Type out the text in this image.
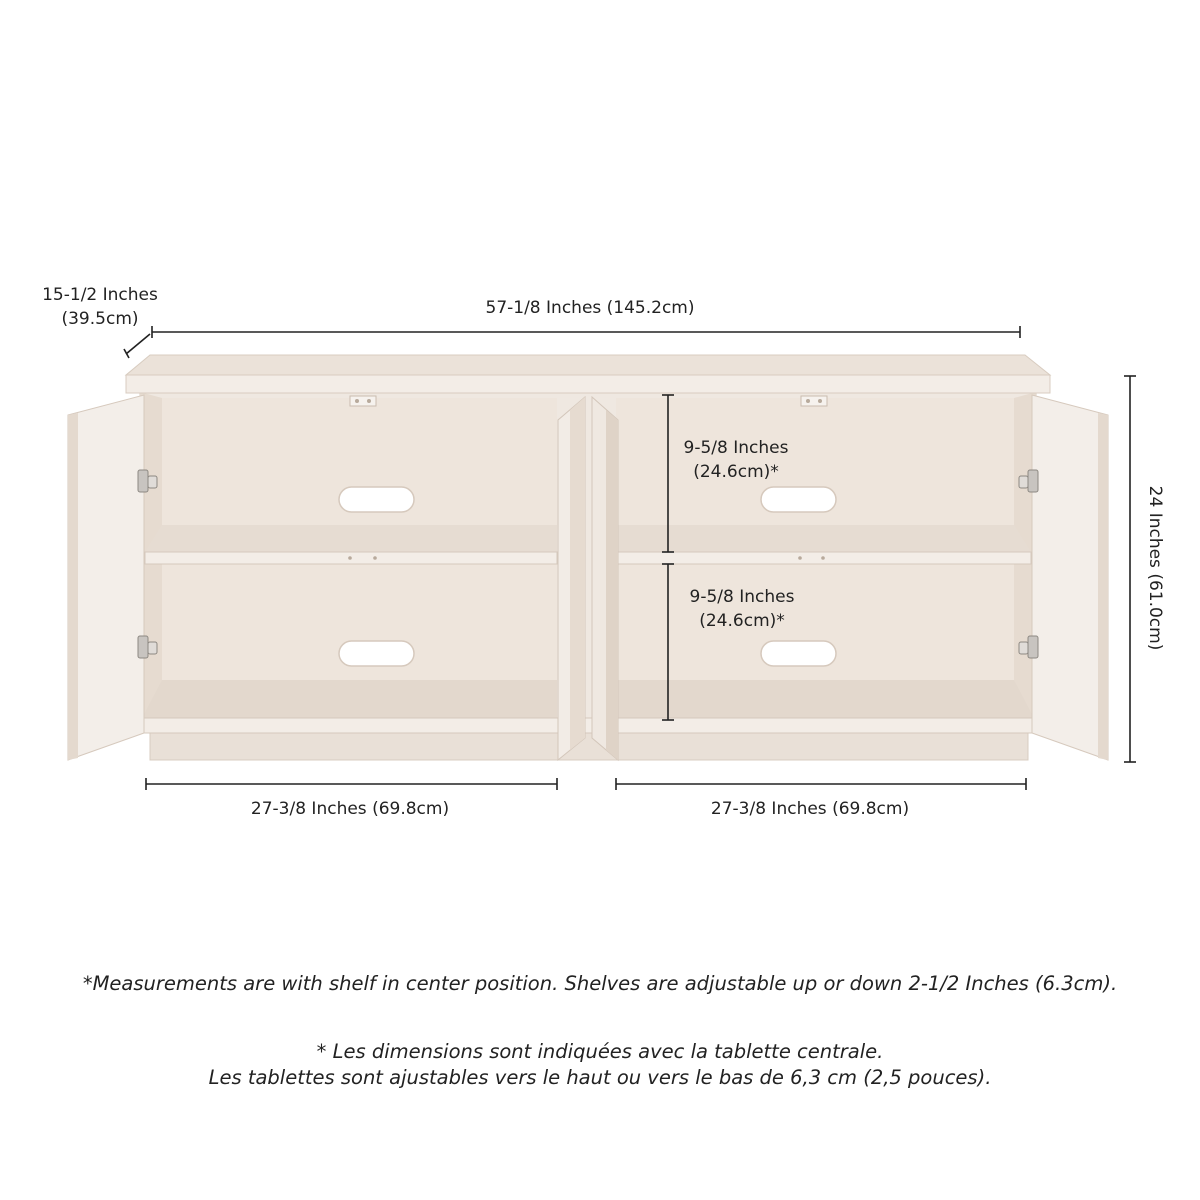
15-1/2 Inches
(39.5cm)
57-1/8 Inches (145.2cm)
9-5/8 Inches
(24.6cm)*
9-5/8 Inches
(24.6cm)*
27-3/8 Inches (69.8cm)	27-3/8 Inches (69.8cm)
24 Inches (61.0cm)
*Measurements are with shelf in center position. Shelves are adjustable up or down 2-1/2 Inches (6.3cm).
* Les dimensions sont indiquées avec la tablette centrale.
Les tablettes sont ajustables vers le haut ou vers le bas de 6,3 cm (2,5 pouces).
